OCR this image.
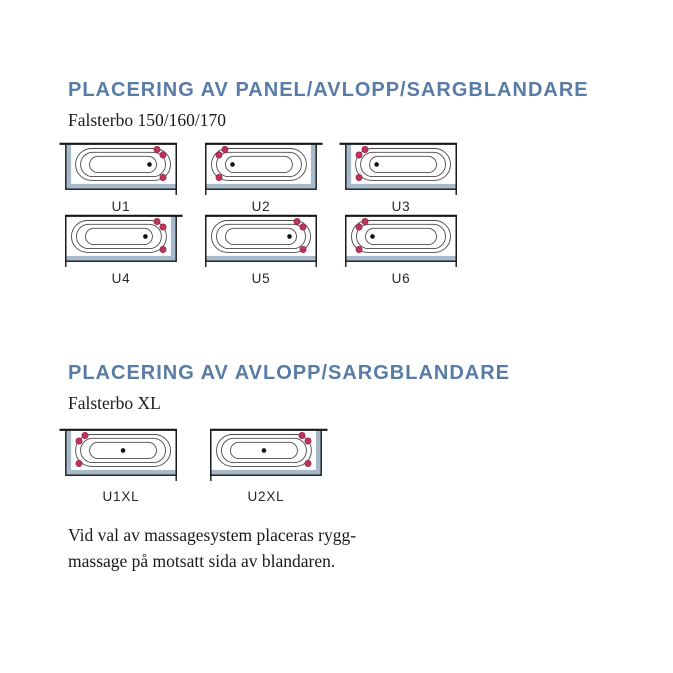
PLACERING AV PANEL/AVLOPP/SARGBLANDARE
Falsterbo 150/160/170
U1	U2	U3
U4	U5	U6
PLACERING AV AVLOPP/SARGBLANDARE
Falsterbo XL
U1XL	U2XL
Vid val av massagesystem placeras rygg-
massage på motsatt sida av blandaren.
